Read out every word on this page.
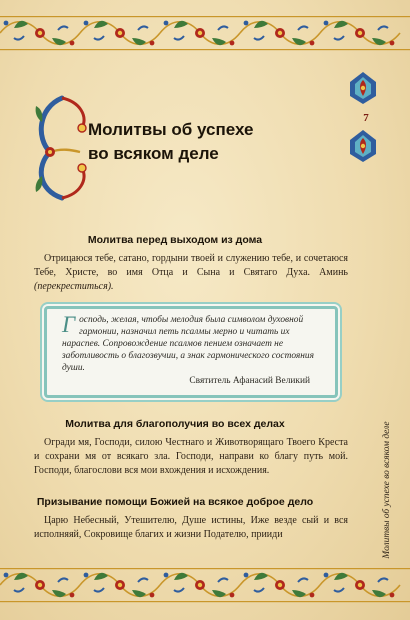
7
Молитвы об успехе
во всяком деле
Молитва перед выходом из дома
Отрицаюся тебе, сатано, гордыни твоей и служению тебе, и сочетаюся Тебе, Христе, во имя Отца и Сына и Святаго Духа. Аминь (перекреститься).
Господь, желая, чтобы мелодия была символом духовной гармонии, назначил петь псалмы мерно и читать их нараспев. Сопровождение псалмов пением означает не заботливость о благозвучии, а знак гармонического состояния души.
Святитель Афанасий Великий
Молитва для благополучия во всех делах
Огради мя, Господи, силою Честнаго и Животворящаго Твоего Креста и сохрани мя от всякаго зла. Господи, направи ко благу путь мой. Господи, благослови вся мои вхождения и исхождения.
Призывание помощи Божией на всякое доброе дело
Царю Небесный, Утешителю, Душе истины, Иже везде сый и вся исполняяй, Сокровище благих и жизни Подателю, прииди	Молитвы об успехе во всяком деле
